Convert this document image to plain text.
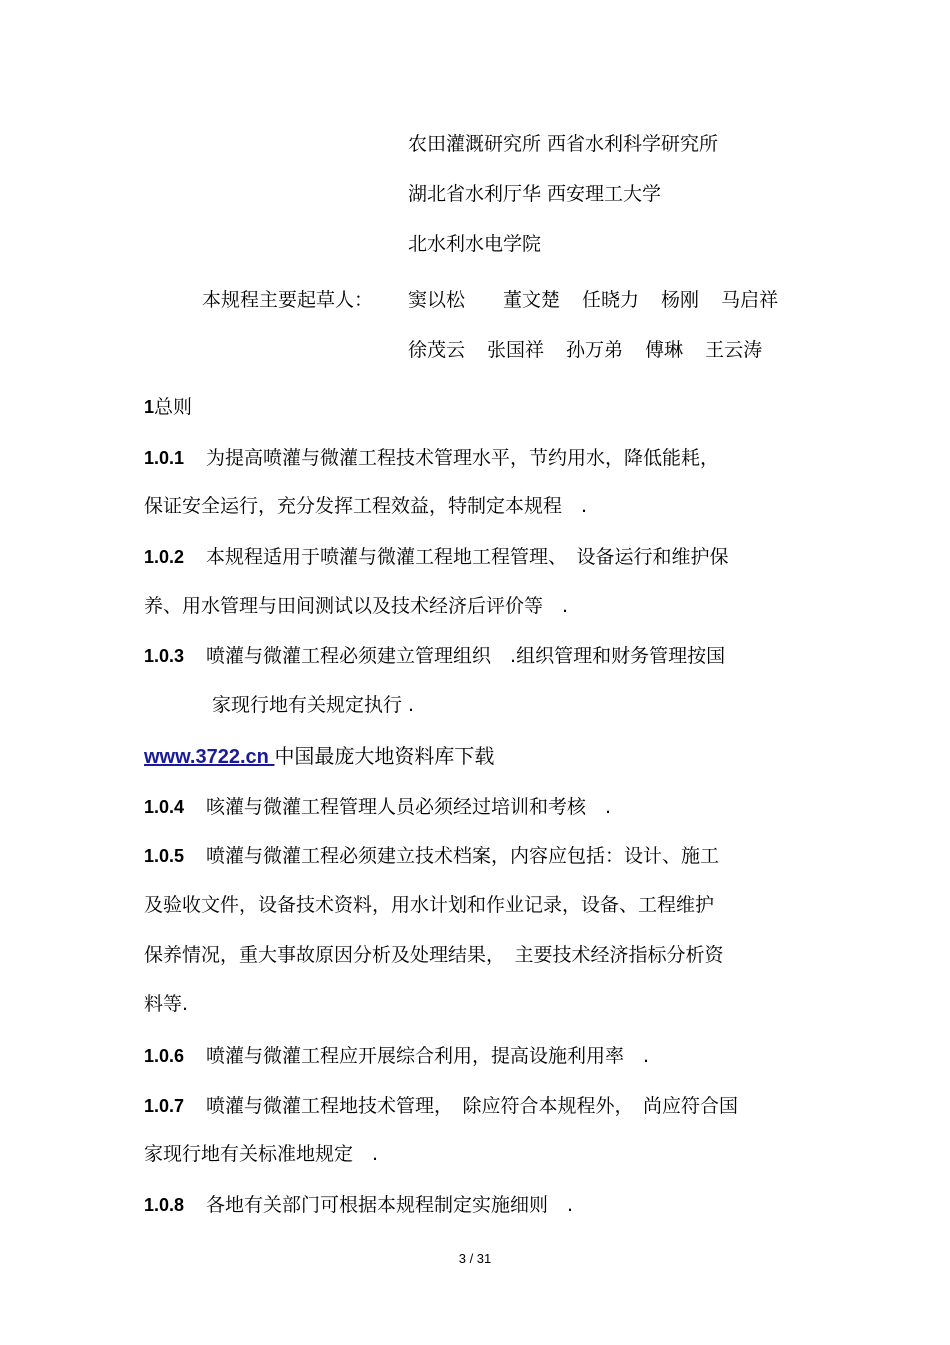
农田灌溉研究所 西省水利科学研究所
湖北省水利厅华 西安理工大学
北水利水电学院
本规程主要起草人： 窦以松 董文楚 任晓力 杨刚 马启祥
徐茂云 张国祥 孙万弟 傅琳 王云涛
1总则
1.0.1 为提高喷灌与微灌工程技术管理水平，节约用水，降低能耗，
保证安全运行，充分发挥工程效益，特制定本规程　.
1.0.2 本规程适用于喷灌与微灌工程地工程管理、　设备运行和维护保
养、用水管理与田间测试以及技术经济后评价等　.
1.0.3 喷灌与微灌工程必须建立管理组织　.组织管理和财务管理按国
家现行地有关规定执行 .
www.3722.cn 中国最庞大地资料库下载
1.0.4 咳灌与微灌工程管理人员必须经过培训和考核　.
1.0.5 喷灌与微灌工程必须建立技术档案，内容应包括：设计、施工
及验收文件，设备技术资料，用水计划和作业记录，设备、工程维护
保养情况，重大事故原因分析及处理结果，　主要技术经济指标分析资
料等.
1.0.6 喷灌与微灌工程应开展综合利用，提高设施利用率　.
1.0.7 喷灌与微灌工程地技术管理，　除应符合本规程外，　尚应符合国
家现行地有关标准地规定　.
1.0.8 各地有关部门可根据本规程制定实施细则　.
3 / 31
